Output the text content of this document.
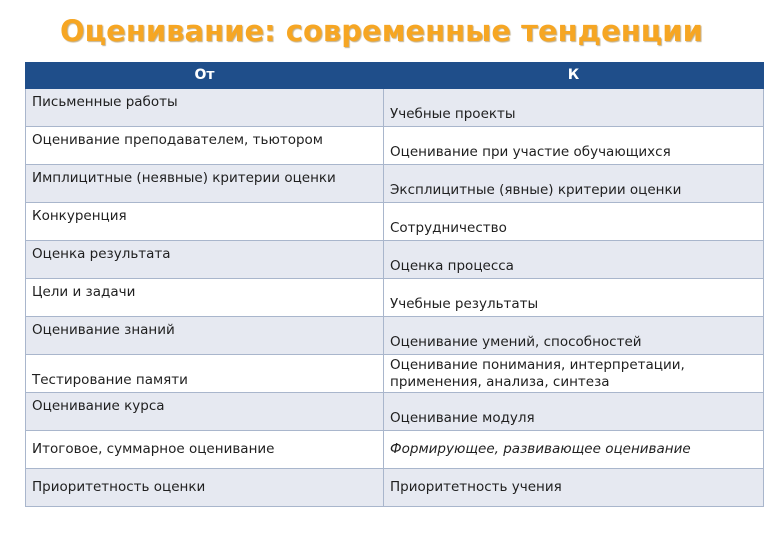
Оценивание: современные тенденции
От	К
Письменные работы	Учебные проекты
Оценивание преподавателем, тьютором	Оценивание при участие обучающихся
Имплицитные (неявные) критерии оценки	Эксплицитные (явные) критерии оценки
Конкуренция	Сотрудничество
Оценка результата	Оценка процесса
Цели и задачи	Учебные результаты
Оценивание знаний	Оценивание умений, способностей
Тестирование памяти	Оценивание понимания, интерпретации, применения, анализа, синтеза
Оценивание курса	Оценивание модуля
Итоговое, суммарное оценивание	Формирующее, развивающее оценивание
Приоритетность оценки	Приоритетность учения
